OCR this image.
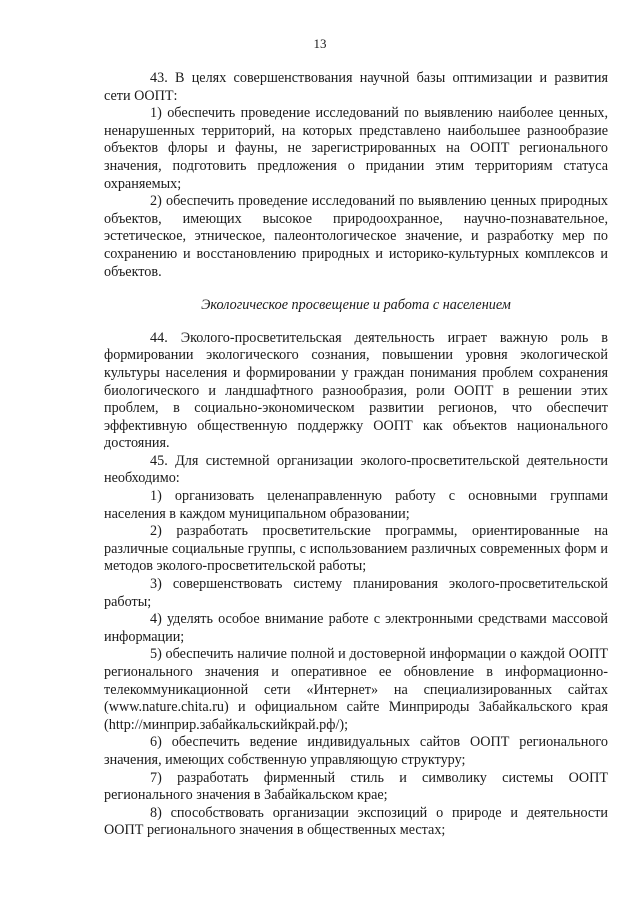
13

43. В целях совершенствования научной базы оптимизации и развития сети ООПТ:

1) обеспечить проведение исследований по выявлению наиболее ценных, ненарушенных территорий, на которых представлено наибольшее разнообразие объектов флоры и фауны, не зарегистрированных на ООПТ регионального значения, подготовить предложения о придании этим территориям статуса охраняемых;

2) обеспечить проведение исследований по выявлению ценных природных объектов, имеющих высокое природоохранное, научно-познавательное, эстетическое, этническое, палеонтологическое значение, и разработку мер по сохранению и восстановлению природных и историко-культурных комплексов и объектов.

Экологическое просвещение и работа с населением

44. Эколого-просветительская деятельность играет важную роль в формировании экологического сознания, повышении уровня экологической культуры населения и формировании у граждан понимания проблем сохранения биологического и ландшафтного разнообразия, роли ООПТ в решении этих проблем, в социально-экономическом развитии регионов, что обеспечит эффективную общественную поддержку ООПТ как объектов национального достояния.

45. Для системной организации эколого-просветительской деятельности необходимо:

1) организовать целенаправленную работу с основными группами населения в каждом муниципальном образовании;

2) разработать просветительские программы, ориентированные на различные социальные группы, с использованием различных современных форм и методов эколого-просветительской работы;

3) совершенствовать систему планирования эколого-просветительской работы;

4) уделять особое внимание работе с электронными средствами массовой информации;

5) обеспечить наличие полной и достоверной информации о каждой ООПТ регионального значения и оперативное ее обновление в информационно-телекоммуникационной сети «Интернет» на специализированных сайтах (www.nature.chita.ru) и официальном сайте Минприроды Забайкальского края (http://минприр.забайкальскийкрай.рф/);

6) обеспечить ведение индивидуальных сайтов ООПТ регионального значения, имеющих собственную управляющую структуру;

7) разработать фирменный стиль и символику системы ООПТ регионального значения в Забайкальском крае;

8) способствовать организации экспозиций о природе и деятельности ООПТ регионального значения в общественных местах;
